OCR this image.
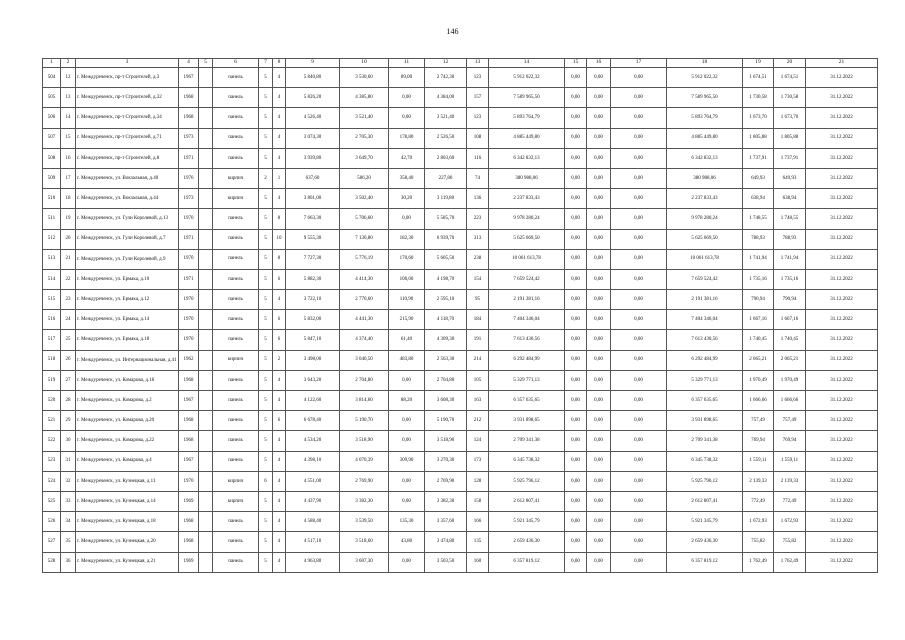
146
1	2	3	4	5	6	7	8	9	10	11	12	13	14	15	16	17	18	19	20	21
504	12	г. Междуреченск, пр-т Строителей, д.3	1967		панель	5	4	5 840,80	3 530,60	89,00	2 742,30	123	5 912 022,32	0,00	0,00	0,00	5 912 022,32	1 674,51	1 674,51	31.12.2022
505	13	г. Междуреченск, пр-т Строителей, д.32	1968		панель	5	4	5 826,20	4 385,80	0,00	4 384,00	157	7 589 965,50	0,00	0,00	0,00	7 589 965,50	1 730,58	1 730,58	31.12.2022
506	14	г. Междуреченск, пр-т Строителей, д.34	1968		панель	5	4	4 526,40	3 521,40	0,00	3 521,40	123	5 893 764,79	0,00	0,00	0,00	5 893 764,79	1 673,70	1 673,70	31.12.2022
507	15	г. Междуреченск, пр-т Строителей, д.71	1973		панель	5	4	3 074,30	2 705,30	178,80	2 526,50	108	4 885 449,80	0,00	0,00	0,00	4 885 449,80	1 805,88	1 805,88	31.12.2022
508	16	г. Междуреченск, пр-т Строителей, д.8	1971		панель	5	4	3 939,80	3 649,70	42,70	2 803,60	116	6 342 832,13	0,00	0,00	0,00	6 342 832,13	1 737,91	1 737,91	31.12.2022
509	17	г. Междуреченск, ул. Вокзальная, д.40	1976		кирпич	2	1	637,60	586,20	358,40	227,80	74	380 988,06	0,00	0,00	0,00	380 988,06	649,93	649,93	31.12.2022
510	18	г. Междуреченск, ул. Вокзальная, д.44	1973		кирпич	5	4	3 801,00	3 502,40	30,20	3 119,80	136	2 237 833,43	0,00	0,00	0,00	2 237 833,43	638,94	638,94	31.12.2022
511	19	г. Междуреченск, ул. Гули Королевой, д.13	1970		панель	5	8	7 663,30	5 706,60	0,00	5 585,70	223	9 978 280,24	0,00	0,00	0,00	9 978 280,24	1 748,55	1 748,55	31.12.2022
512	20	г. Междуреченск, ул. Гули Королевой, д.7	1971		панель	5	10	9 555,30	7 130,80	182,30	6 939,70	313	5 625 669,50	0,00	0,00	0,00	5 625 669,50	788,93	788,93	31.12.2022
513	21	г. Междуреченск, ул. Гули Королевой, д.9	1970		панель	5	8	7 727,30	5 776,19	170,60	5 605,50	238	10 061 613,78	0,00	0,00	0,00	10 061 613,78	1 741,94	1 741,94	31.12.2022
514	22	г. Междуреченск, ул. Ермака, д.10	1971		панель	5	6	5 882,30	4 414,30	106,00	4 198,70	154	7 659 524,42	0,00	0,00	0,00	7 659 524,42	1 735,16	1 735,16	31.12.2022
515	23	г. Междуреченск, ул. Ермака, д.12	1970		панель	5	4	3 722,10	2 770,60	110,90	2 595,10	95	2 191 381,16	0,00	0,00	0,00	2 191 381,16	790,94	790,94	31.12.2022
516	24	г. Междуреченск, ул. Ермака, д.14	1970		панель	5	6	5 832,00	4 441,30	215,90	4 118,70	184	7 404 346,04	0,00	0,00	0,00	7 404 346,04	1 667,16	1 667,16	31.12.2022
517	25	г. Междуреченск, ул. Ермака, д.18	1970		панель	5	6	5 847,10	4 374,40	61,40	4 309,30	191	7 613 430,56	0,00	0,00	0,00	7 613 430,56	1 740,45	1 740,45	31.12.2022
518	26	г. Междуреченск, ул. Интернациональная, д.41	1962		кирпич	5	2	3 498,00	3 046,50	483,80	2 563,30	214	6 292 484,99	0,00	0,00	0,00	6 292 484,99	2 065,21	2 065,21	31.12.2022
519	27	г. Междуреченск, ул. Комарова, д.18	1968		панель	5	4	3 643,20	2 704,80	0,00	2 704,80	105	5 329 771,13	0,00	0,00	0,00	5 329 771,13	1 970,49	1 970,49	31.12.2022
520	28	г. Междуреченск, ул. Комарова, д.2	1967		панель	5	4	4 122,60	3 814,60	88,20	3 608,30	163	6 357 635,65	0,00	0,00	0,00	6 357 635,65	1 666,66	1 666,66	31.12.2022
521	29	г. Междуреченск, ул. Комарова, д.20	1968		панель	5	6	6 678,40	5 190,70	0,00	5 190,70	212	3 931 898,65	0,00	0,00	0,00	3 931 898,65	757,49	757,49	31.12.2022
522	30	г. Междуреченск, ул. Комарова, д.22	1968		панель	5	4	4 534,20	3 518,90	0,00	3 518,90	124	2 709 341,38	0,00	0,00	0,00	2 709 341,38	769,94	769,94	31.12.2022
523	31	г. Междуреченск, ул. Комарова, д.4	1967		панель	5	4	4 398,10	4 070,39	309,90	3 270,30	173	6 345 738,32	0,00	0,00	0,00	6 345 738,32	1 559,11	1 559,11	31.12.2022
524	32	г. Междуреченск, ул. Кузнецкая, д.11	1970		кирпич	6	4	4 551,00	2 769,90	0,00	2 769,90	128	5 925 796,12	0,00	0,00	0,00	5 925 796,12	2 139,33	2 139,33	31.12.2022
525	33	г. Междуреченск, ул. Кузнецкая, д.14	1969		кирпич	5	4	4 437,90	3 382,30	0,00	3 382,30	158	2 612 807,41	0,00	0,00	0,00	2 612 807,41	772,49	772,49	31.12.2022
526	34	г. Междуреченск, ул. Кузнецкая, д.18	1968		панель	5	4	4 588,40	3 539,50	135,30	3 357,60	166	5 921 345,79	0,00	0,00	0,00	5 921 345,79	1 672,93	1 672,93	31.12.2022
527	35	г. Междуреченск, ул. Кузнецкая, д.20	1968		панель	5	4	4 517,10	3 518,60	43,80	3 474,80	135	2 659 436,30	0,00	0,00	0,00	2 659 436,30	755,82	755,82	31.12.2022
528	36	г. Междуреченск, ул. Кузнецкая, д.21	1969		панель	5	4	4 963,80	3 607,30	0,00	3 503,50	160	6 357 819,12	0,00	0,00	0,00	6 357 819,12	1 762,49	1 762,49	31.12.2022
